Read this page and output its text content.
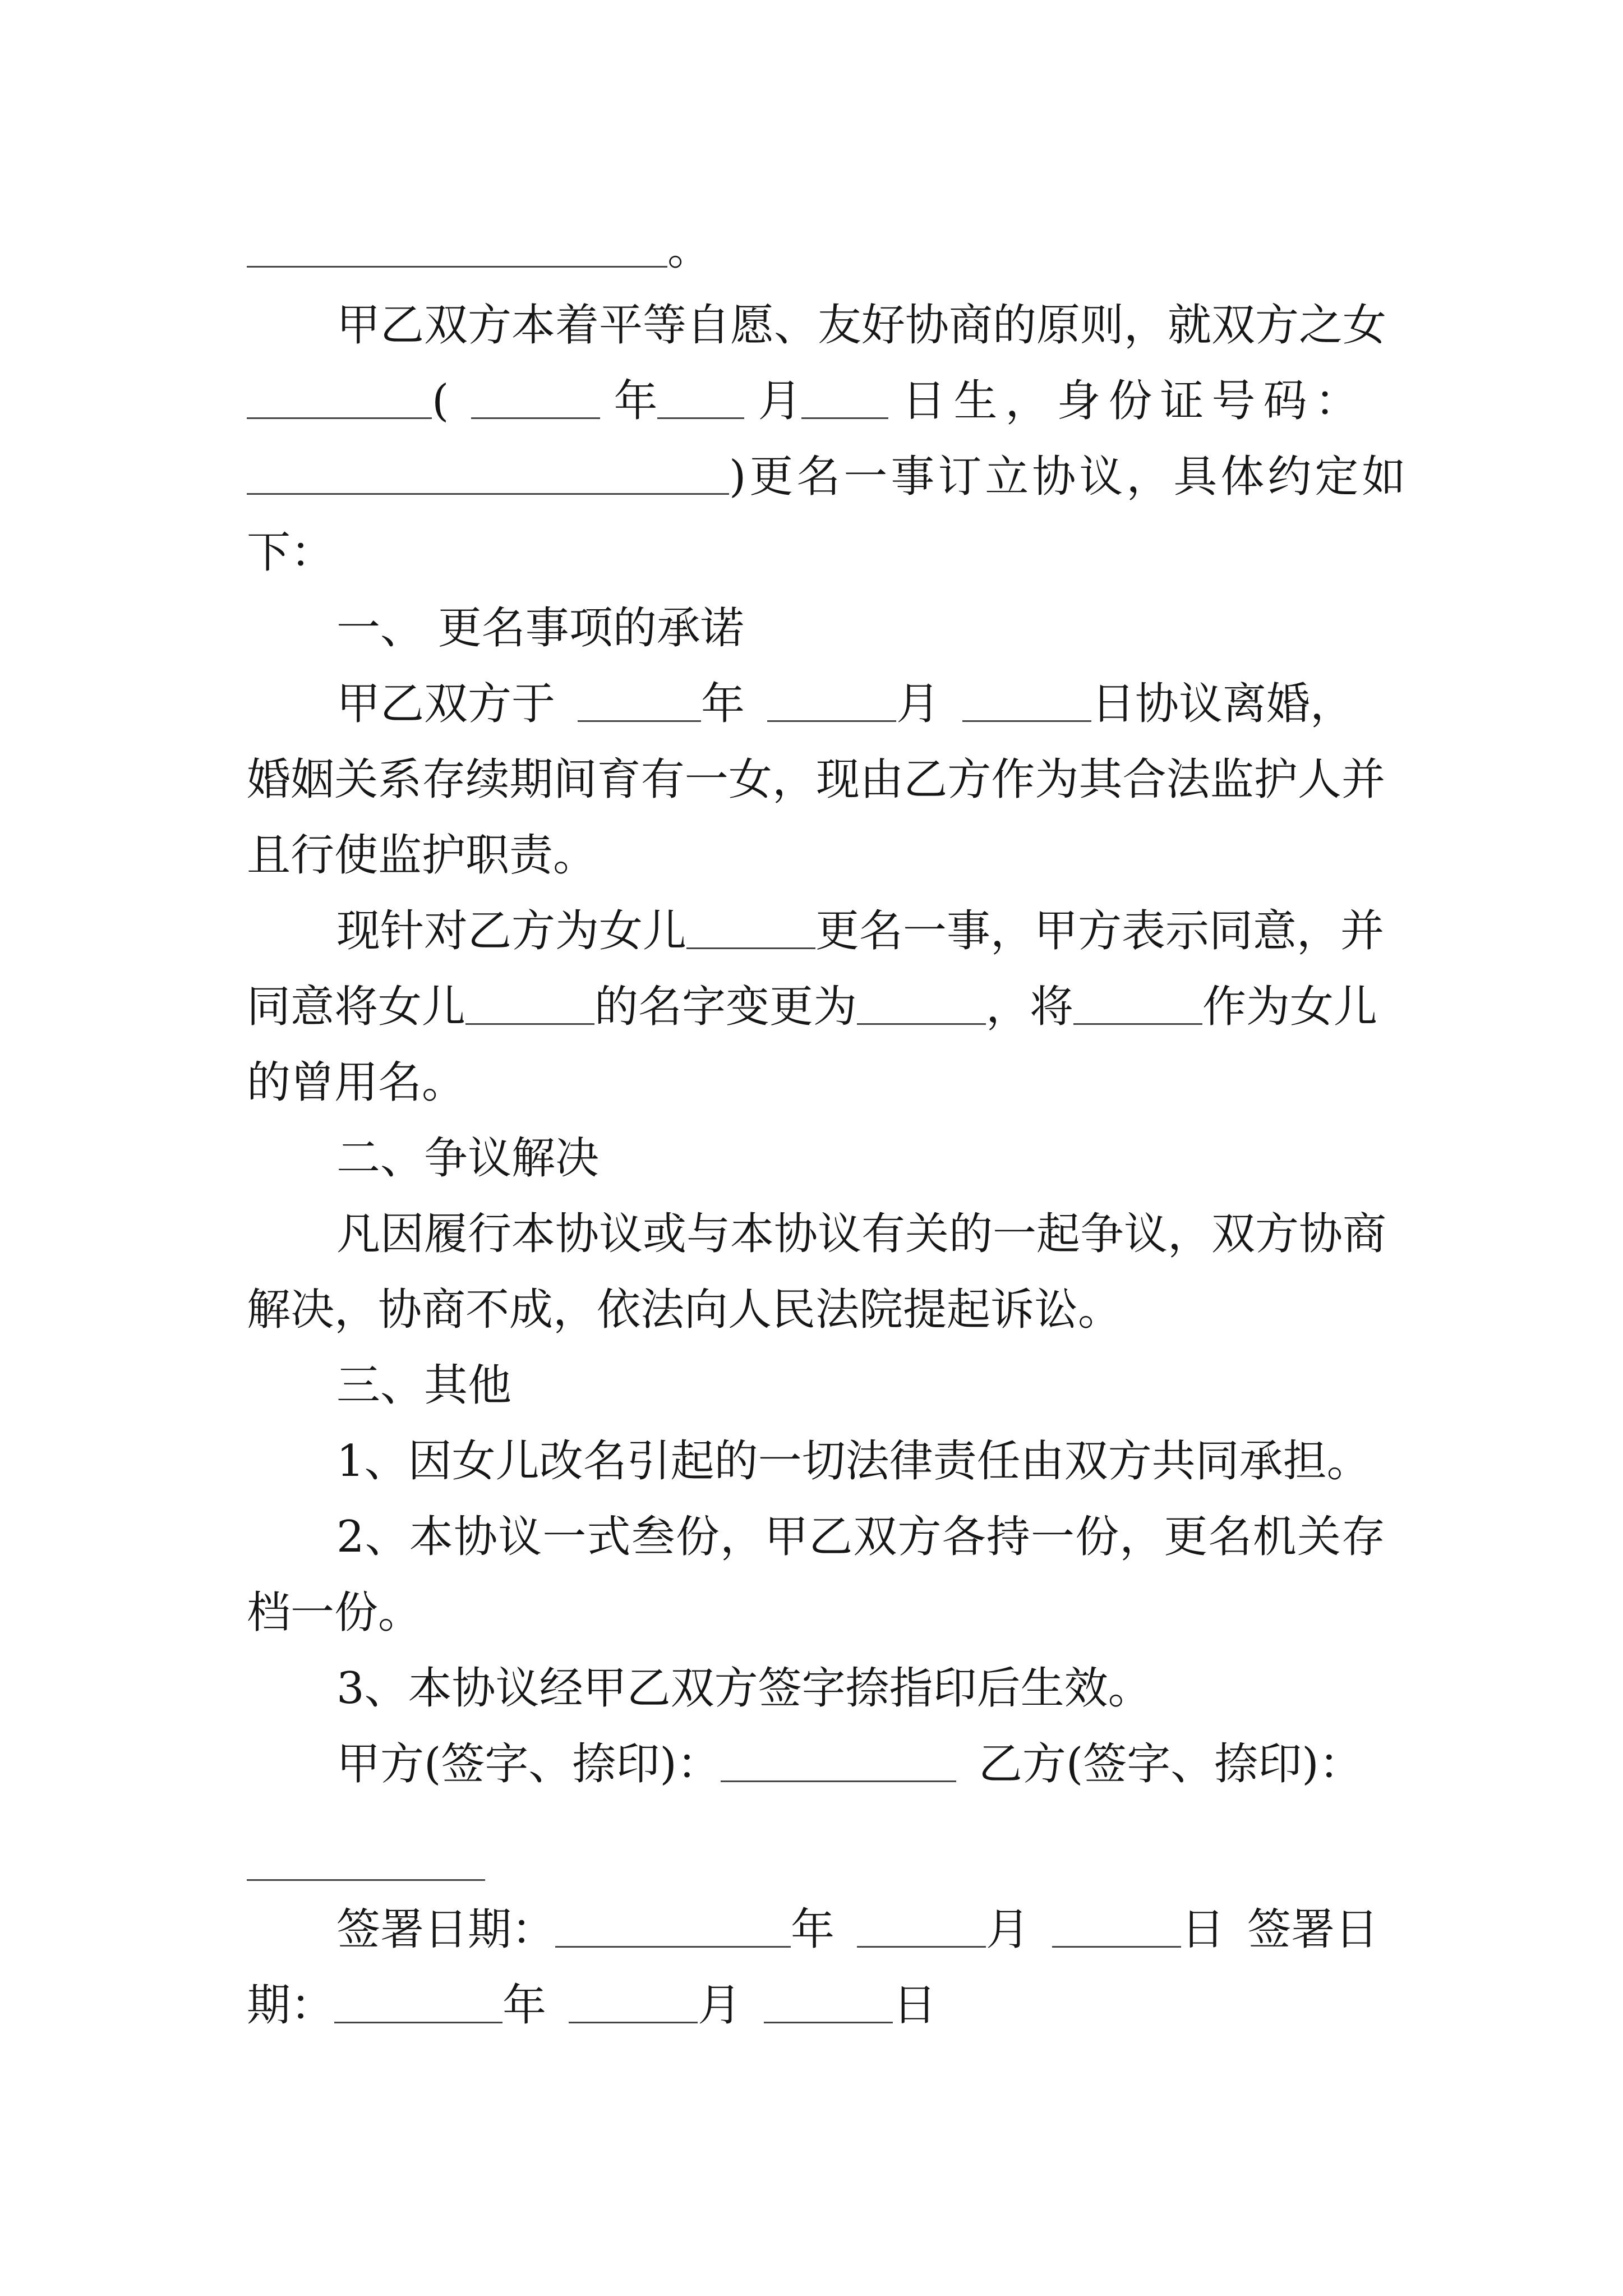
。
甲乙双方本着平等自愿、友好协商的原则，就双方之女
(	年 月 日生，身份证号码：
)更名一事订立协议，具体约定如
下：
一、 更名事项的承诺
甲乙双方于	年	月	日协议离婚，
婚姻关系存续期间育有一女，现由乙方作为其合法监护人并
且行使监护职责。
现针对乙方为女儿	更名一事，甲方表示同意，并
同意将女儿	的名字变更为	，将	作为女儿
的曾用名。
二、争议解决
凡因履行本协议或与本协议有关的一起争议，双方协商
解决，协商不成，依法向人民法院提起诉讼。
三、其他
1、因女儿改名引起的一切法律责任由双方共同承担。
2、本协议一式叁份，甲乙双方各持一份，更名机关存
档一份。
3、本协议经甲乙双方签字捺指印后生效。
甲方(签字、捺印)：	乙方(签字、捺印)：
签署日期：	年	月	日 签署日
期：	年	月	日
